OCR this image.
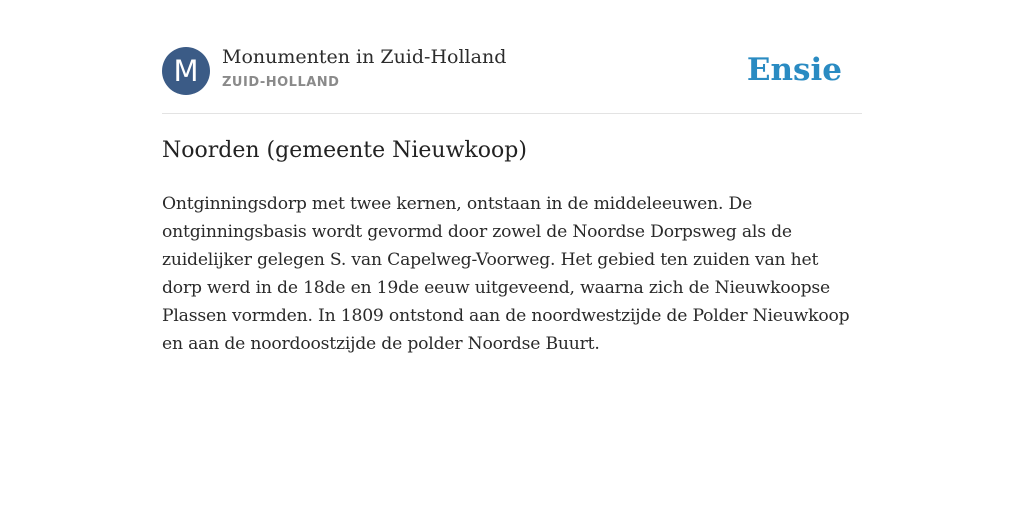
M	Monumenten in Zuid-Holland
ZUID-HOLLAND	Ensie
Noorden (gemeente Nieuwkoop)

Ontginningsdorp met twee kernen, ontstaan in de middeleeuwen. De ontginningsbasis wordt gevormd door zowel de Noordse Dorpsweg als de zuidelijker gelegen S. van Capelweg-Voorweg. Het gebied ten zuiden van het dorp werd in de 18de en 19de eeuw uitgeveend, waarna zich de Nieuwkoopse Plassen vormden. In 1809 ontstond aan de noordwestzijde de Polder Nieuwkoop en aan de noordoostzijde de polder Noordse Buurt.
